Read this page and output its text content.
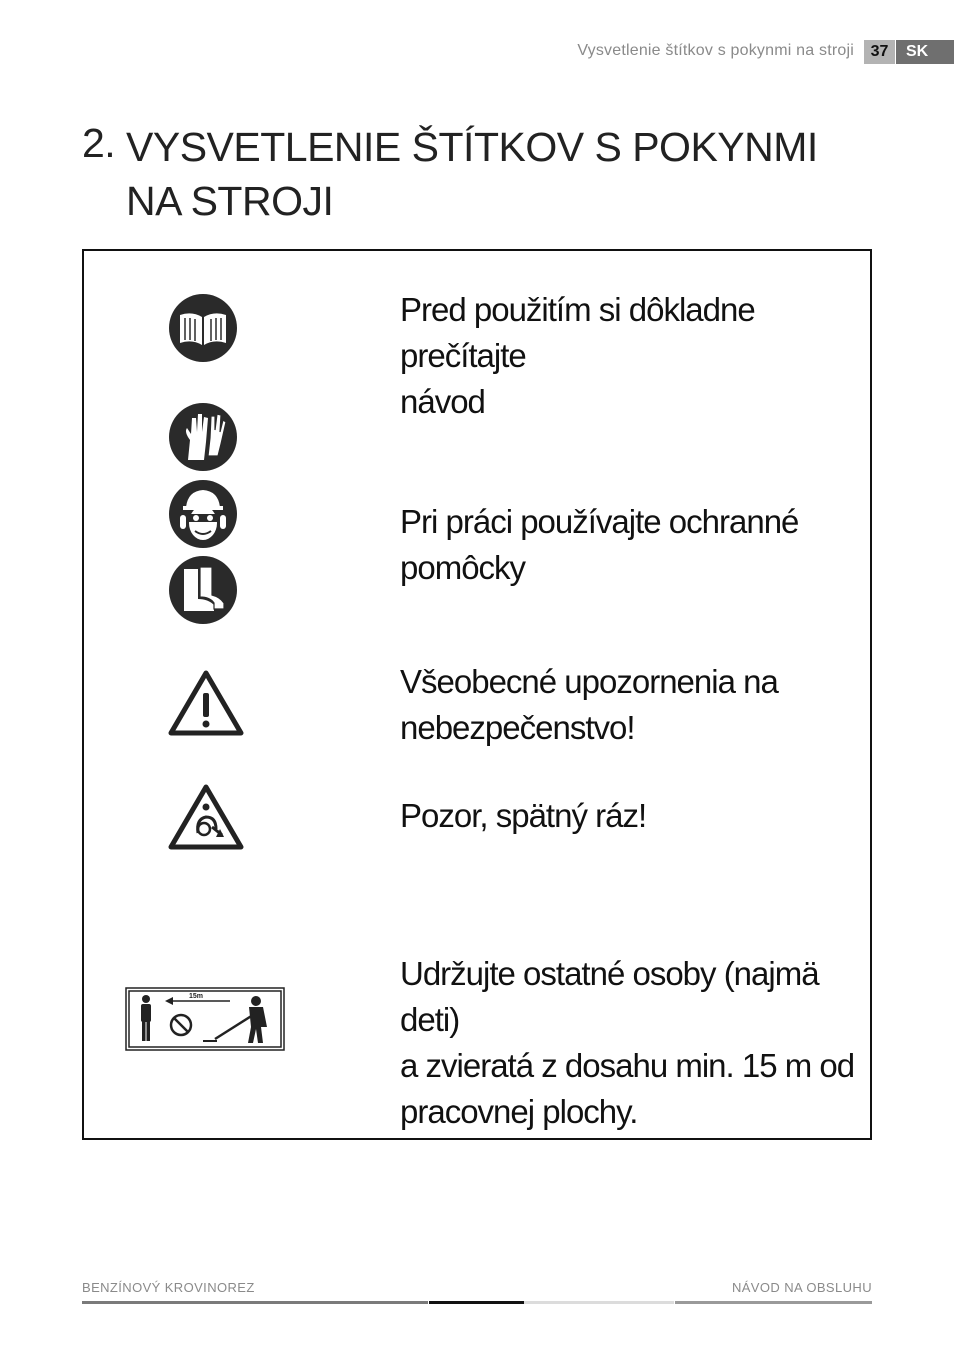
Vysvetlenie štítkov s pokynmi na stroji	37	SK
2. VYSVETLENIE ŠTÍTKOV S POKYNMI NA STROJI
Pred použitím si dôkladne prečítajte
návod
Pri práci používajte ochranné pomôcky
Všeobecné upozornenia na
nebezpečenstvo!
Pozor, spätný ráz!
15m
Udržujte ostatné osoby (najmä deti)
a zvieratá z dosahu min. 15 m od
pracovnej plochy.
BENZÍNOVÝ KROVINOREZ	NÁVOD NA OBSLUHU
